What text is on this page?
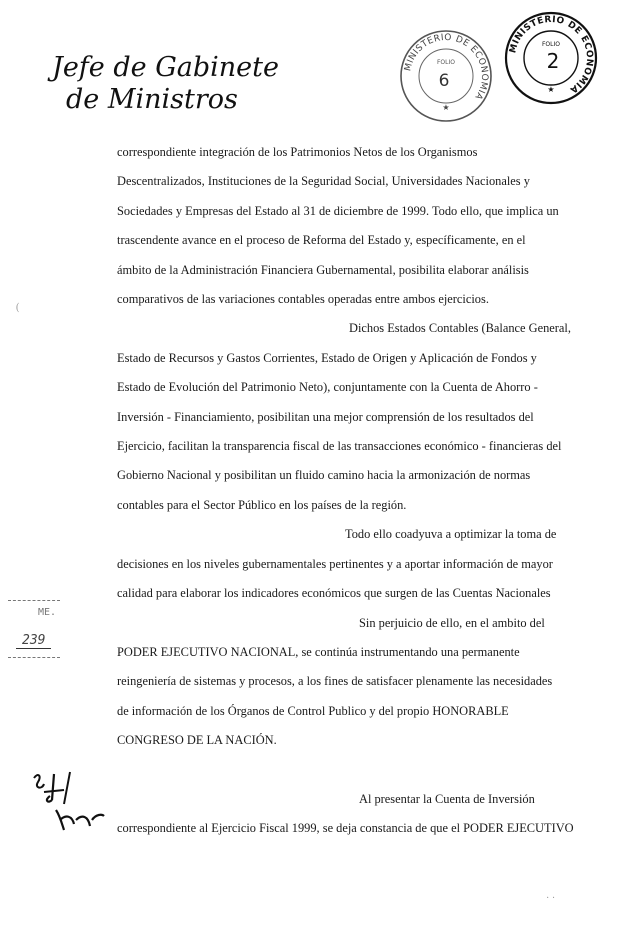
Jefe de Gabinete
de Ministros
MINISTERIO DE ECONOMIA
FOLIO
6
★
MINISTERIO DE ECONOMIA
FOLIO
2
★

correspondiente integración de los Patrimonios Netos de los Organismos
Descentralizados, Instituciones de la Seguridad Social, Universidades Nacionales y
Sociedades y Empresas del Estado al 31 de diciembre de 1999. Todo ello, que implica un
trascendente avance en el proceso de Reforma del Estado y, específicamente, en el
ámbito de la Administración Financiera Gubernamental, posibilita elaborar análisis
comparativos de las variaciones contables operadas entre ambos ejercicios.

Dichos Estados Contables (Balance General,
Estado de Recursos y Gastos Corrientes, Estado de Origen y Aplicación de Fondos y
Estado de Evolución del Patrimonio Neto), conjuntamente con la Cuenta de Ahorro -
Inversión - Financiamiento, posibilitan una mejor comprensión de los resultados del
Ejercicio, facilitan la transparencia fiscal de las transacciones económico - financieras del
Gobierno Nacional y posibilitan un fluido camino hacia la armonización de normas
contables para el Sector Público en los países de la región.

Todo ello coadyuva a optimizar la toma de
decisiones en los niveles gubernamentales pertinentes y a aportar información de mayor
calidad para elaborar los indicadores económicos que surgen de las Cuentas Nacionales

Sin perjuicio de ello, en el ambito del
PODER EJECUTIVO NACIONAL, se continúa instrumentando una permanente
reingeniería de sistemas y procesos, a los fines de satisfacer plenamente las necesidades
de información de los Órganos de Control Publico y del propio HONORABLE
CONGRESO DE LA NACIÓN.

Al presentar la Cuenta de Inversión
correspondiente al Ejercicio Fiscal 1999, se deja constancia de que el PODER EJECUTIVO

ME.
239
(
· ·
